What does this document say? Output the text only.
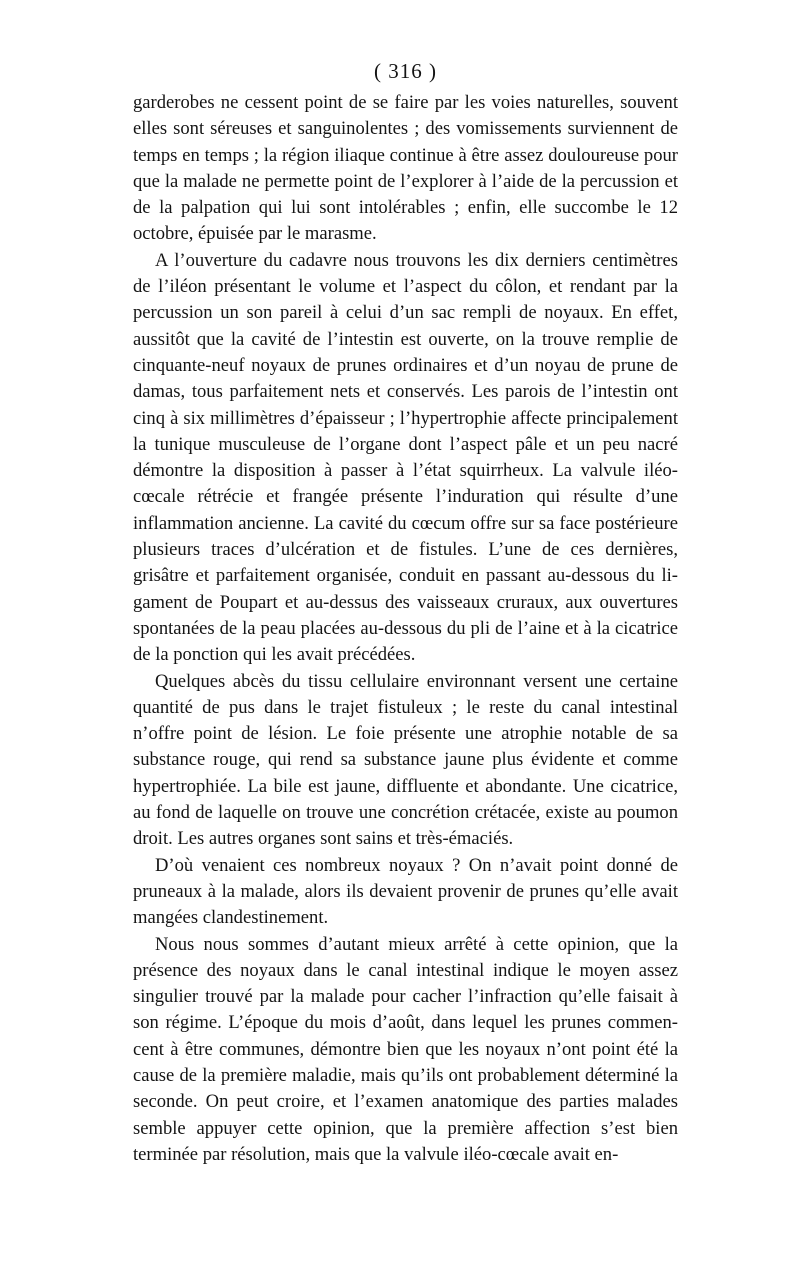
( 316 )

garderobes ne cessent point de se faire par les voies naturelles, souvent elles sont séreuses et sanguinolentes ; des vomissements surviennent de temps en temps ; la région iliaque continue à être assez douloureuse pour que la malade ne permette point de l’explorer à l’aide de la percussion et de la palpation qui lui sont intolérables ; enfin, elle succombe le 12 octobre, épuisée par le marasme.

A l’ouverture du cadavre nous trouvons les dix derniers centimètres de l’iléon présentant le volume et l’aspect du côlon, et rendant par la percussion un son pareil à celui d’un sac rempli de noyaux. En effet, aussitôt que la cavité de l’intestin est ouverte, on la trouve remplie de cinquante-neuf noyaux de prunes ordinaires et d’un noyau de prune de damas, tous parfaitement nets et conservés. Les parois de l’intestin ont cinq à six millimètres d’épaisseur ; l’hypertrophie affecte principalement la tunique musculeuse de l’organe dont l’aspect pâle et un peu nacré démontre la disposition à passer à l’état squirrheux. La valvule iléo-cœcale rétrécie et frangée présente l’induration qui résulte d’une inflammation ancienne. La cavité du cœcum offre sur sa face postérieure plusieurs traces d’ulcération et de fistules. L’une de ces dernières, grisâtre et parfaitement organisée, conduit en passant au-dessous du ligament de Poupart et au-dessus des vaisseaux cruraux, aux ouvertures spontanées de la peau placées au-dessous du pli de l’aine et à la cicatrice de la ponction qui les avait précédées.

Quelques abcès du tissu cellulaire environnant versent une certaine quantité de pus dans le trajet fistuleux ; le reste du canal intestinal n’offre point de lésion. Le foie présente une atrophie notable de sa substance rouge, qui rend sa substance jaune plus évidente et comme hypertrophiée. La bile est jaune, diffluente et abondante. Une cicatrice, au fond de laquelle on trouve une concrétion crétacée, existe au poumon droit. Les autres organes sont sains et très-émaciés.

D’où venaient ces nombreux noyaux ? On n’avait point donné de pruneaux à la malade, alors ils devaient provenir de prunes qu’elle avait mangées clandestinement.

Nous nous sommes d’autant mieux arrêté à cette opinion, que la présence des noyaux dans le canal intestinal indique le moyen assez singulier trouvé par la malade pour cacher l’infraction qu’elle faisait à son régime. L’époque du mois d’août, dans lequel les prunes commencent à être communes, démontre bien que les noyaux n’ont point été la cause de la première maladie, mais qu’ils ont probablement déterminé la seconde. On peut croire, et l’examen anatomique des parties malades semble appuyer cette opinion, que la première affection s’est bien terminée par résolution, mais que la valvule iléo-cœcale avait en-
